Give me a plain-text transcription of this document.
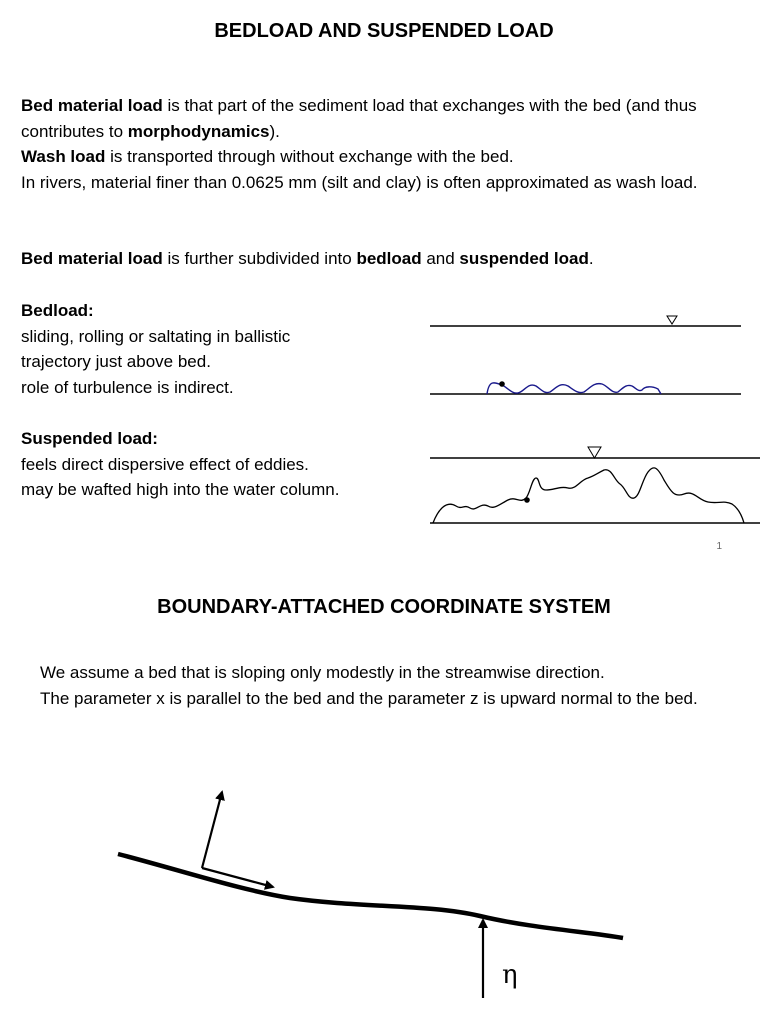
BEDLOAD AND SUSPENDED LOAD

Bed material load is that part of the sediment load that exchanges with the bed (and thus contributes to morphodynamics).
Wash load is transported through without exchange with the bed.
In rivers, material finer than 0.0625 mm (silt and clay) is often approximated as wash load.

Bed material load is further subdivided into bedload and suspended load.

Bedload:
sliding, rolling or saltating in ballistic trajectory just above bed.
role of turbulence is indirect.

Suspended load:
feels direct dispersive effect of eddies.
may be wafted high into the water column.

1
BOUNDARY-ATTACHED COORDINATE SYSTEM

We assume a bed that is sloping only modestly in the streamwise direction.
The parameter x is parallel to the bed and the parameter z is upward normal to the bed.

η
